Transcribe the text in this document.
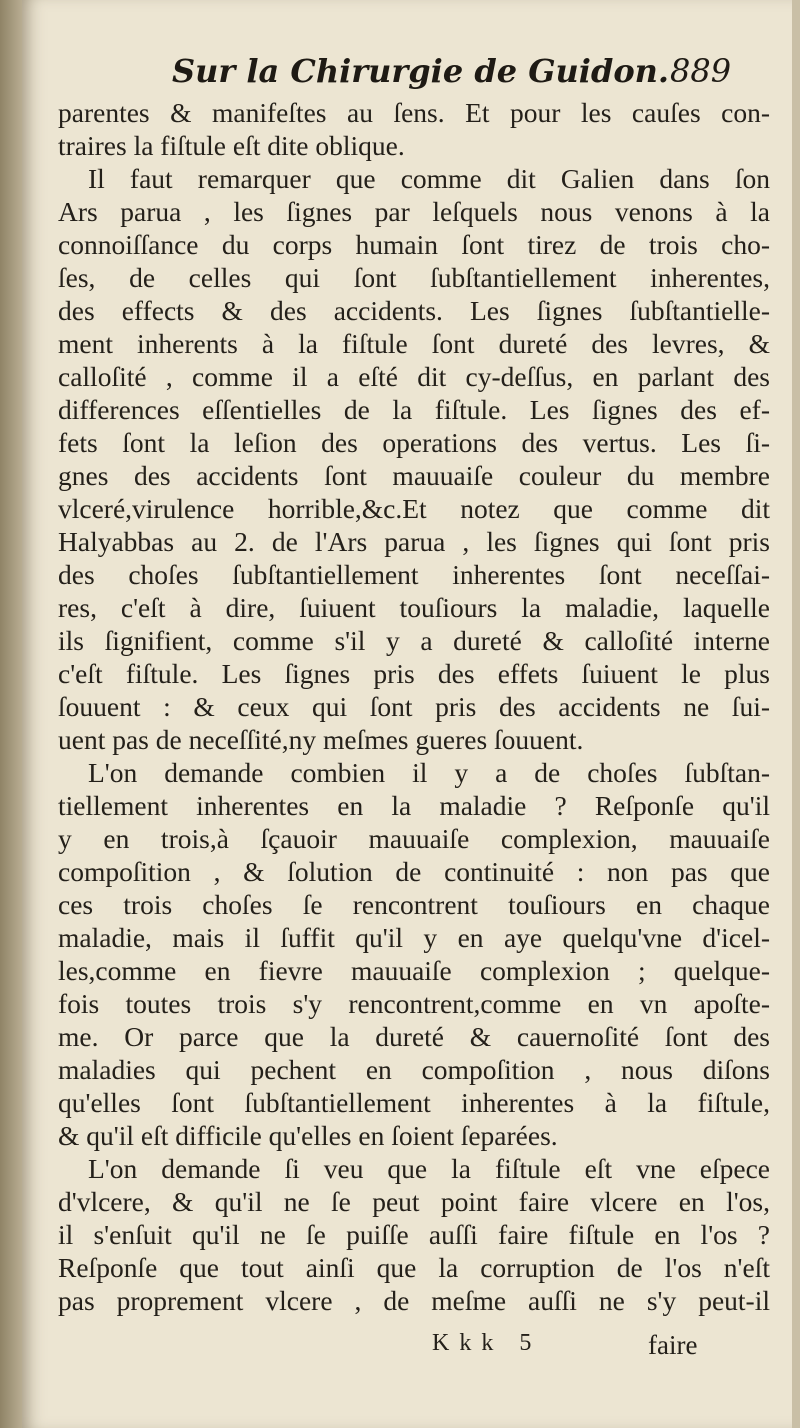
Sur la Chirurgie de Guidon. 889
parentes & manifeſtes au ſens. Et pour les cauſes con-
traires la fiſtule eſt dite oblique.
Il faut remarquer que comme dit Galien dans ſon
Ars parua , les ſignes par leſquels nous venons à la
connoiſſance du corps humain ſont tirez de trois cho-
ſes, de celles qui ſont ſubſtantiellement inherentes,
des effects & des accidents. Les ſignes ſubſtantielle-
ment inherents à la fiſtule ſont dureté des levres, &
calloſité , comme il a eſté dit cy-deſſus, en parlant des
differences eſſentielles de la fiſtule. Les ſignes des ef-
fets ſont la leſion des operations des vertus. Les ſi-
gnes des accidents ſont mauuaiſe couleur du membre
vlceré,virulence horrible,&c.Et notez que comme dit
Halyabbas au 2. de l'Ars parua , les ſignes qui ſont pris
des choſes ſubſtantiellement inherentes ſont neceſſai-
res, c'eſt à dire, ſuiuent touſiours la maladie, laquelle
ils ſignifient, comme s'il y a dureté & calloſité interne
c'eſt fiſtule. Les ſignes pris des effets ſuiuent le plus
ſouuent : & ceux qui ſont pris des accidents ne ſui-
uent pas de neceſſité,ny meſmes gueres ſouuent.
L'on demande combien il y a de choſes ſubſtan-
tiellement inherentes en la maladie ? Reſponſe qu'il
y en trois,à ſçauoir mauuaiſe complexion, mauuaiſe
compoſition , & ſolution de continuité : non pas que
ces trois choſes ſe rencontrent touſiours en chaque
maladie, mais il ſuffit qu'il y en aye quelqu'vne d'icel-
les,comme en fievre mauuaiſe complexion ; quelque-
fois toutes trois s'y rencontrent,comme en vn apoſte-
me. Or parce que la dureté & cauernoſité ſont des
maladies qui pechent en compoſition , nous diſons
qu'elles ſont ſubſtantiellement inherentes à la fiſtule,
& qu'il eſt difficile qu'elles en ſoient ſeparées.
L'on demande ſi veu que la fiſtule eſt vne eſpece
d'vlcere, & qu'il ne ſe peut point faire vlcere en l'os,
il s'enſuit qu'il ne ſe puiſſe auſſi faire fiſtule en l'os ?
Reſponſe que tout ainſi que la corruption de l'os n'eſt
pas proprement vlcere , de meſme auſſi ne s'y peut-il
Kkk 5	faire
